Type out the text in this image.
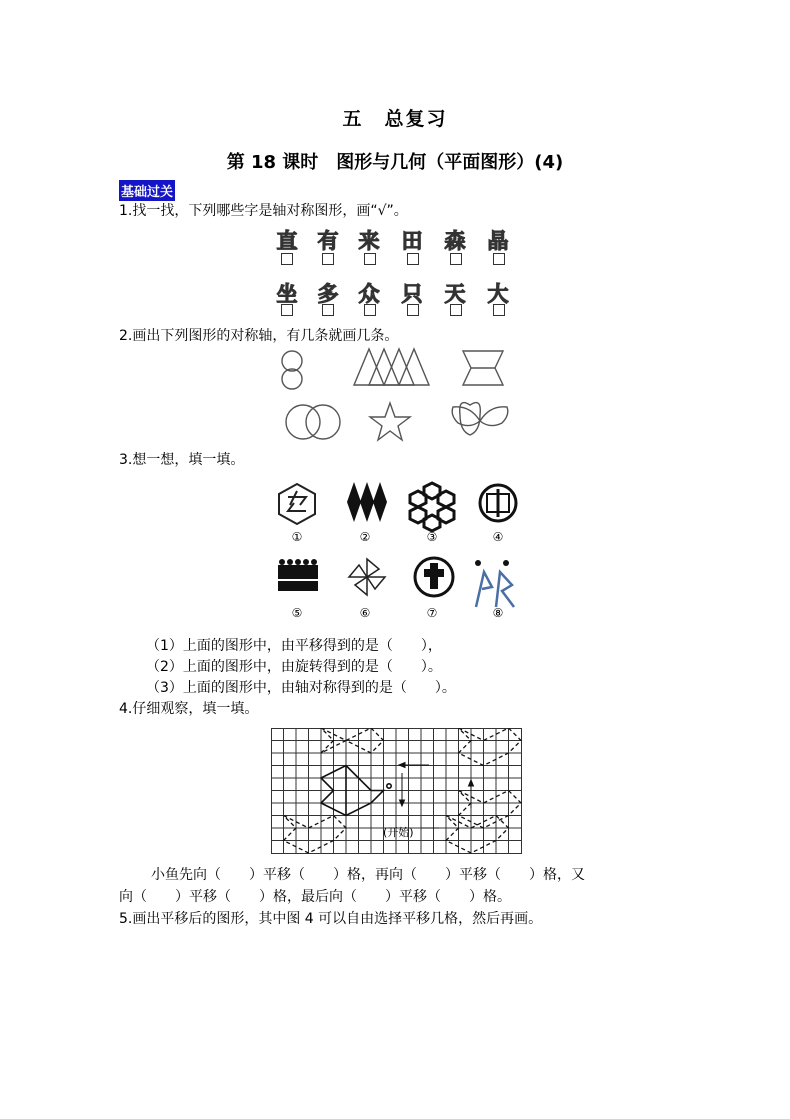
五　总复习
第 18 课时　图形与几何（平面图形）(4)
基础过关
1.找一找，下列哪些字是轴对称图形，画“√”。
直 有 来 田 森 晶
坐 多 众 只 天 大
2.画出下列图形的对称轴，有几条就画几条。
3.想一想，填一填。
①	②	③	④
⑤	⑥	⑦	⑧
（1）上面的图形中，由平移得到的是（　　），
（2）上面的图形中，由旋转得到的是（　　）。
（3）上面的图形中，由轴对称得到的是（　　）。
4.仔细观察，填一填。
(开始)
小鱼先向（　　）平移（　　）格，再向（　　）平移（　　）格，又
向（　　）平移（　　）格，最后向（　　）平移（　　）格。
5.画出平移后的图形，其中图 4 可以自由选择平移几格，然后再画。
